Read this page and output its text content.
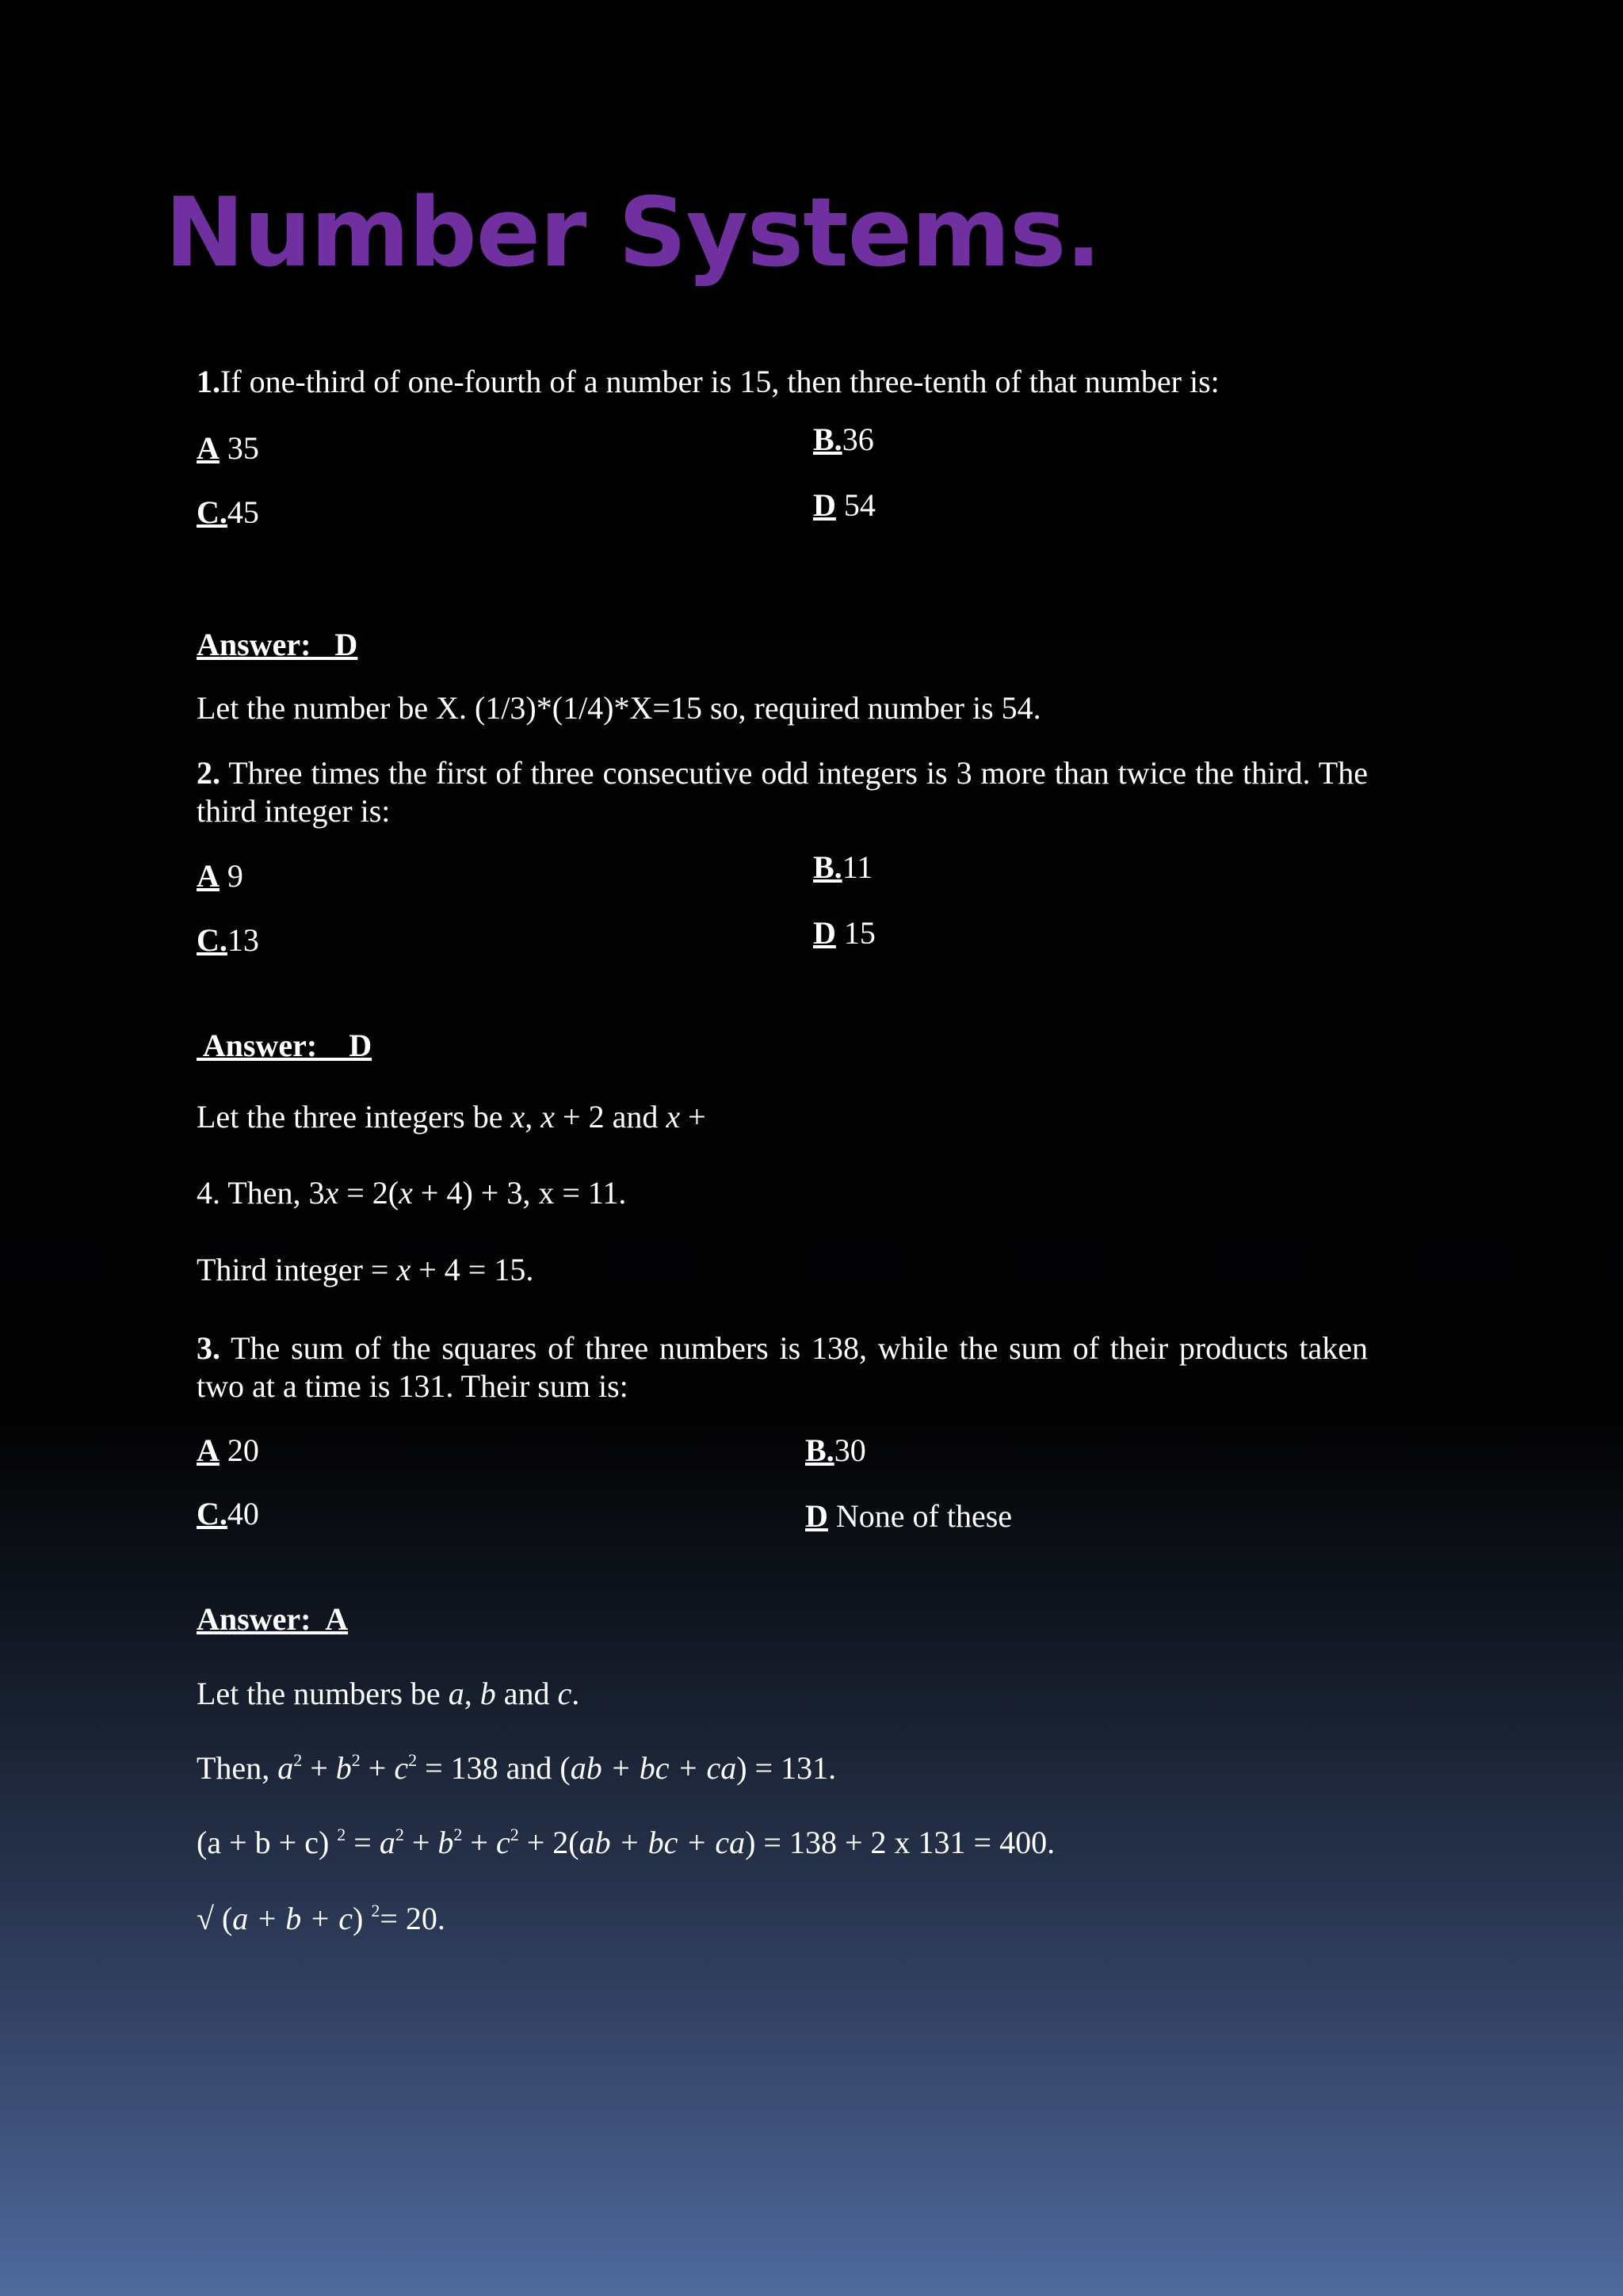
Number Systems.

1.If one-third of one-fourth of a number is 15, then three-tenth of that number is:

A 35	B.36
C.45	D 54

Answer:   D

Let the number be X. (1/3)*(1/4)*X=15 so, required number is 54.

2. Three times the first of three consecutive odd integers is 3 more than twice the third. The third integer is:

A 9	B.11
C.13	D 15

Answer:    D

Let the three integers be x, x + 2 and x +

4. Then, 3x = 2(x + 4) + 3, x = 11.

Third integer = x + 4 = 15.

3. The sum of the squares of three numbers is 138, while the sum of their products taken two at a time is 131. Their sum is:

A 20	B.30
C.40	D None of these

Answer:  A

Let the numbers be a, b and c.

Then, $a^2 + b^2 + c^2 = 138$ and (ab + bc + ca) = 131.

(a + b + c) $^2 = a^2 + b^2 + c^2 + 2(ab$ + bc + ca) = 138 + 2 x 131 = 400.

√ (a + b + c) $^2$= 20.
